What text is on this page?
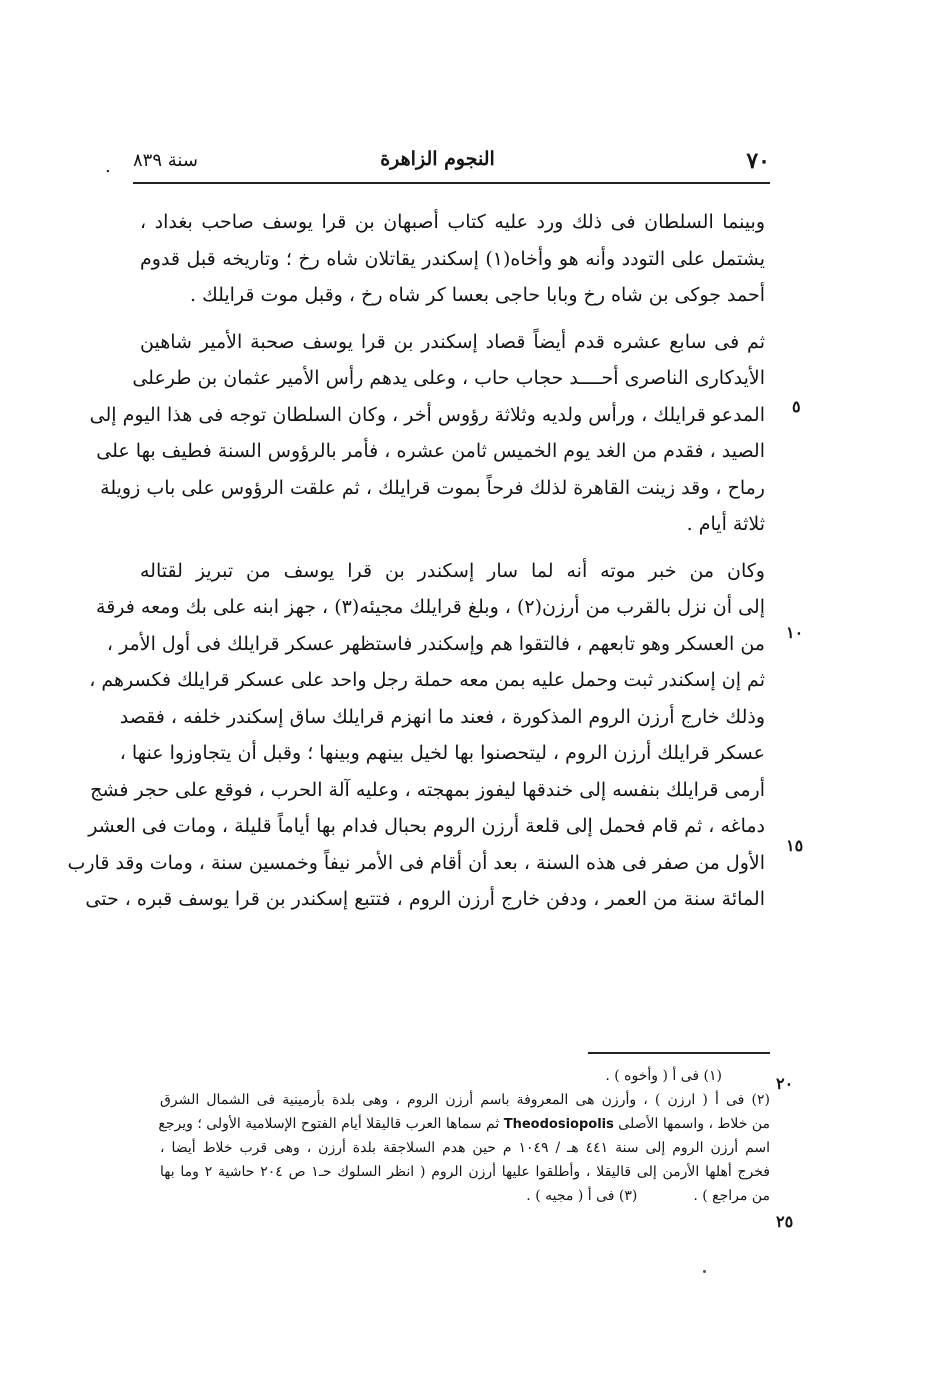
٧٠
النجوم الزاهرة
سنة ٨٣٩
.
وبينما السلطان فى ذلك ورد عليه كتاب أصبهان بن قرا يوسف صاحب بغداد ،
يشتمل على التودد وأنه هو وأخاه(١) إسكندر يقاتلان شاه رخ ؛ وتاريخه قبل قدوم
أحمد جوكى بن شاه رخ وبابا حاجى بعسا كر شاه رخ ، وقبل موت قرايلك .
ثم فى سابع عشره قدم أيضاً قصاد إسكندر بن قرا يوسف صحبة الأمير شاهين
الأيدكارى الناصرى أحــــد حجاب حاب ، وعلى يدهم رأس الأمير عثمان بن طرعلى
المدعو قرايلك ، ورأس ولديه وثلاثة رؤوس أخر ، وكان السلطان توجه فى هذا اليوم إلى
الصيد ، فقدم من الغد يوم الخميس ثامن عشره ، فأمر بالرؤوس السنة فطيف بها على
رماح ، وقد زينت القاهرة لذلك فرحاً بموت قرايلك ، ثم علقت الرؤوس على باب زويلة
ثلاثة أيام .
وكان من خبر موته أنه لما سار إسكندر بن قرا يوسف من تبريز لقتاله
إلى أن نزل بالقرب من أرزن(٢) ، وبلغ قرايلك مجيئه(٣) ، جهز ابنه على بك ومعه فرقة
من العسكر وهو تابعهم ، فالتقوا هم وإسكندر فاستظهر عسكر قرايلك فى أول الأمر ،
ثم إن إسكندر ثبت وحمل عليه بمن معه حملة رجل واحد على عسكر قرايلك فكسرهم ،
وذلك خارج أرزن الروم المذكورة ، فعند ما انهزم قرايلك ساق إسكندر خلفه ، فقصد
عسكر قرايلك أرزن الروم ، ليتحصنوا بها لخيل بينهم وبينها ؛ وقبل أن يتجاوزوا عنها ،
أرمى قرايلك بنفسه إلى خندقها ليفوز بمهجته ، وعليه آلة الحرب ، فوقع على حجر فشج
دماغه ، ثم قام فحمل إلى قلعة أرزن الروم بحبال فدام بها أياماً قليلة ، ومات فى العشر
الأول من صفر فى هذه السنة ، بعد أن أقام فى الأمر نيفاً وخمسين سنة ، ومات وقد قارب
المائة سنة من العمر ، ودفن خارج أرزن الروم ، فتتبع إسكندر بن قرا يوسف قبره ، حتى
٥
١٠
١٥
٢٠
٢٥
(١) فى أ ( وأخوه ) .
(٢) فى أ ( ارزن ) ، وأرزن هى المعروفة باسم أرزن الروم ، وهى بلدة بأرمينية فى الشمال الشرق
من خلاط ، واسمها الأصلى Theodosiopolis ثم سماها العرب قاليقلا أيام الفتوح الإسلامية الأولى ؛ ويرجع
اسم أرزن الروم إلى سنة ٤٤١ هـ / ١٠٤٩ م حين هدم السلاجقة بلدة أرزن ، وهى قرب خلاط أيضا ،
فخرج أهلها الأرمن إلى قاليقلا ، وأطلقوا عليها أرزن الروم ( انظر السلوك حـ١ ص ٢٠٤ حاشية ٢ وما بها
من مراجع ) .(٣) فى أ ( مجيه ) .
